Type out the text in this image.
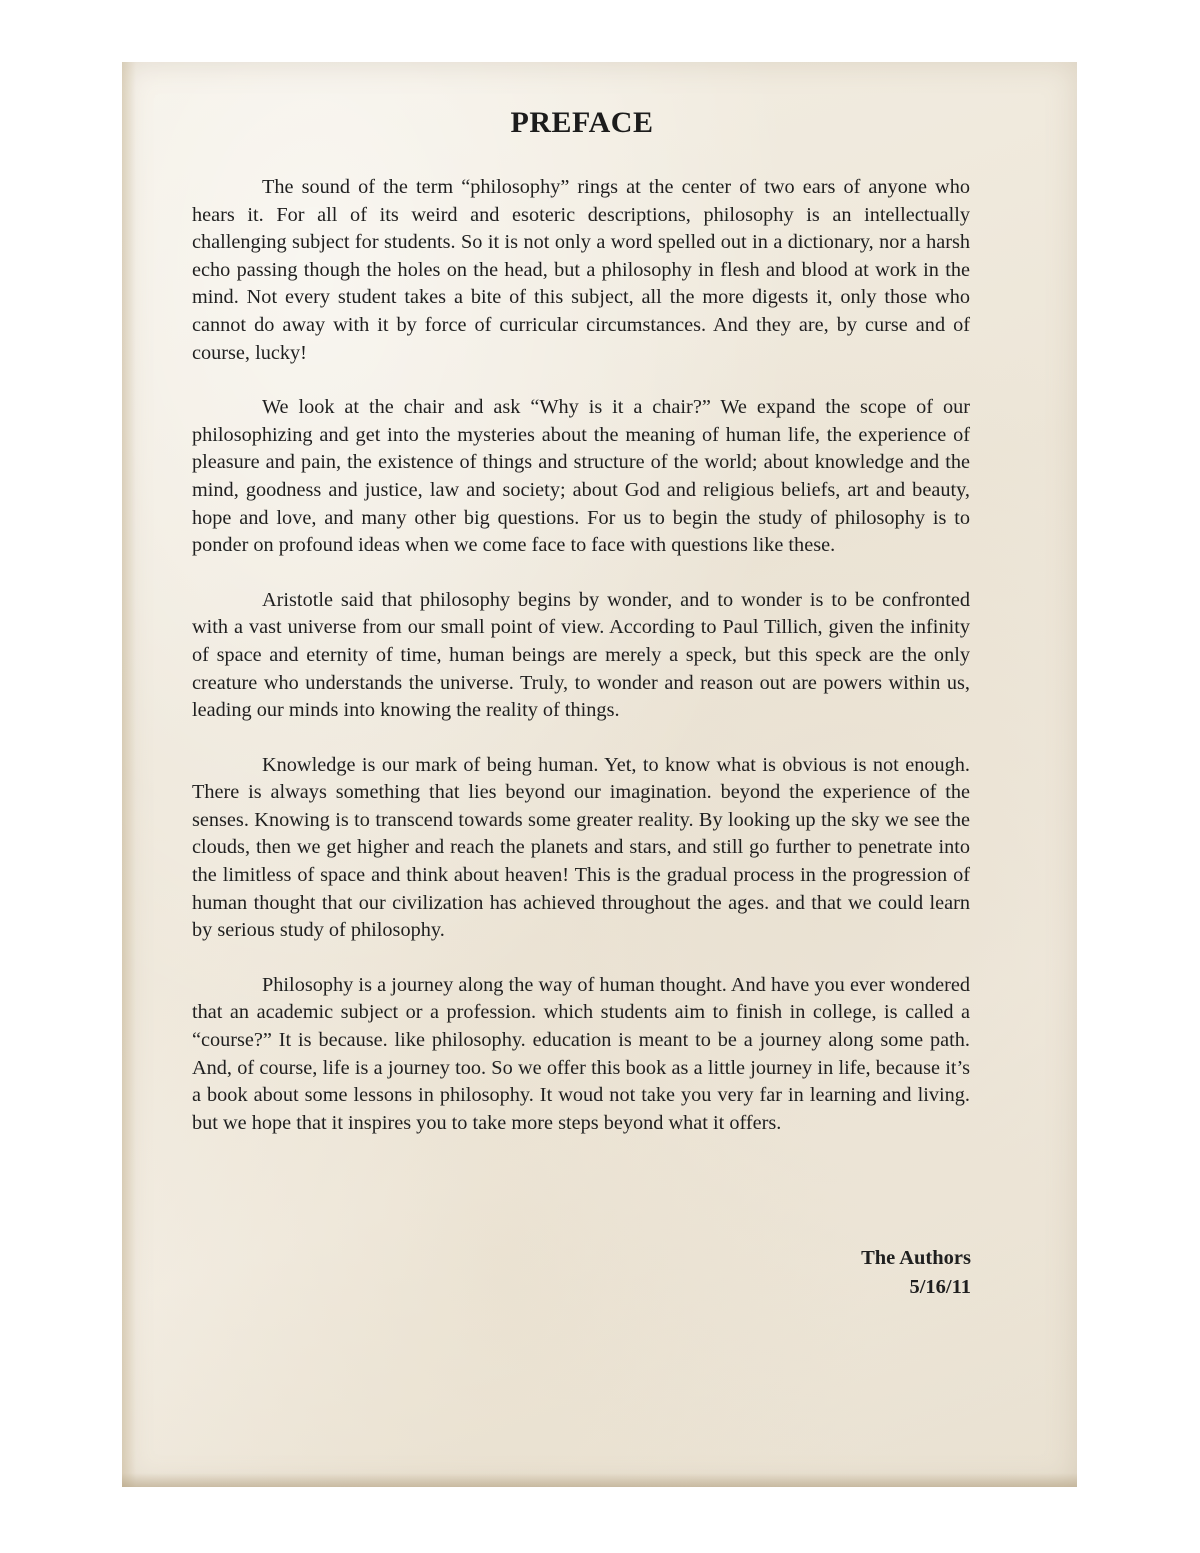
PREFACE

The sound of the term “philosophy” rings at the center of two ears of anyone who hears it. For all of its weird and esoteric descriptions, philosophy is an intellectually challenging subject for students. So it is not only a word spelled out in a dictionary, nor a harsh echo passing though the holes on the head, but a philosophy in flesh and blood at work in the mind. Not every student takes a bite of this subject, all the more digests it, only those who cannot do away with it by force of curricular circumstances. And they are, by curse and of course, lucky!

We look at the chair and ask “Why is it a chair?” We expand the scope of our philosophizing and get into the mysteries about the meaning of human life, the experience of pleasure and pain, the existence of things and structure of the world; about knowledge and the mind, goodness and justice, law and society; about God and religious beliefs, art and beauty, hope and love, and many other big questions. For us to begin the study of philosophy is to ponder on profound ideas when we come face to face with questions like these.

Aristotle said that philosophy begins by wonder, and to wonder is to be confronted with a vast universe from our small point of view. According to Paul Tillich, given the infinity of space and eternity of time, human beings are merely a speck, but this speck are the only creature who understands the universe. Truly, to wonder and reason out are powers within us, leading our minds into knowing the reality of things.

Knowledge is our mark of being human. Yet, to know what is obvious is not enough. There is always something that lies beyond our imagination. beyond the experience of the senses. Knowing is to transcend towards some greater reality. By looking up the sky we see the clouds, then we get higher and reach the planets and stars, and still go further to penetrate into the limitless of space and think about heaven! This is the gradual process in the progression of human thought that our civilization has achieved throughout the ages. and that we could learn by serious study of philosophy.

Philosophy is a journey along the way of human thought. And have you ever wondered that an academic subject or a profession. which students aim to finish in college, is called a “course?” It is because. like philosophy. education is meant to be a journey along some path. And, of course, life is a journey too. So we offer this book as a little journey in life, because it’s a book about some lessons in philosophy. It woud not take you very far in learning and living. but we hope that it inspires you to take more steps beyond what it offers.

The Authors
5/16/11
